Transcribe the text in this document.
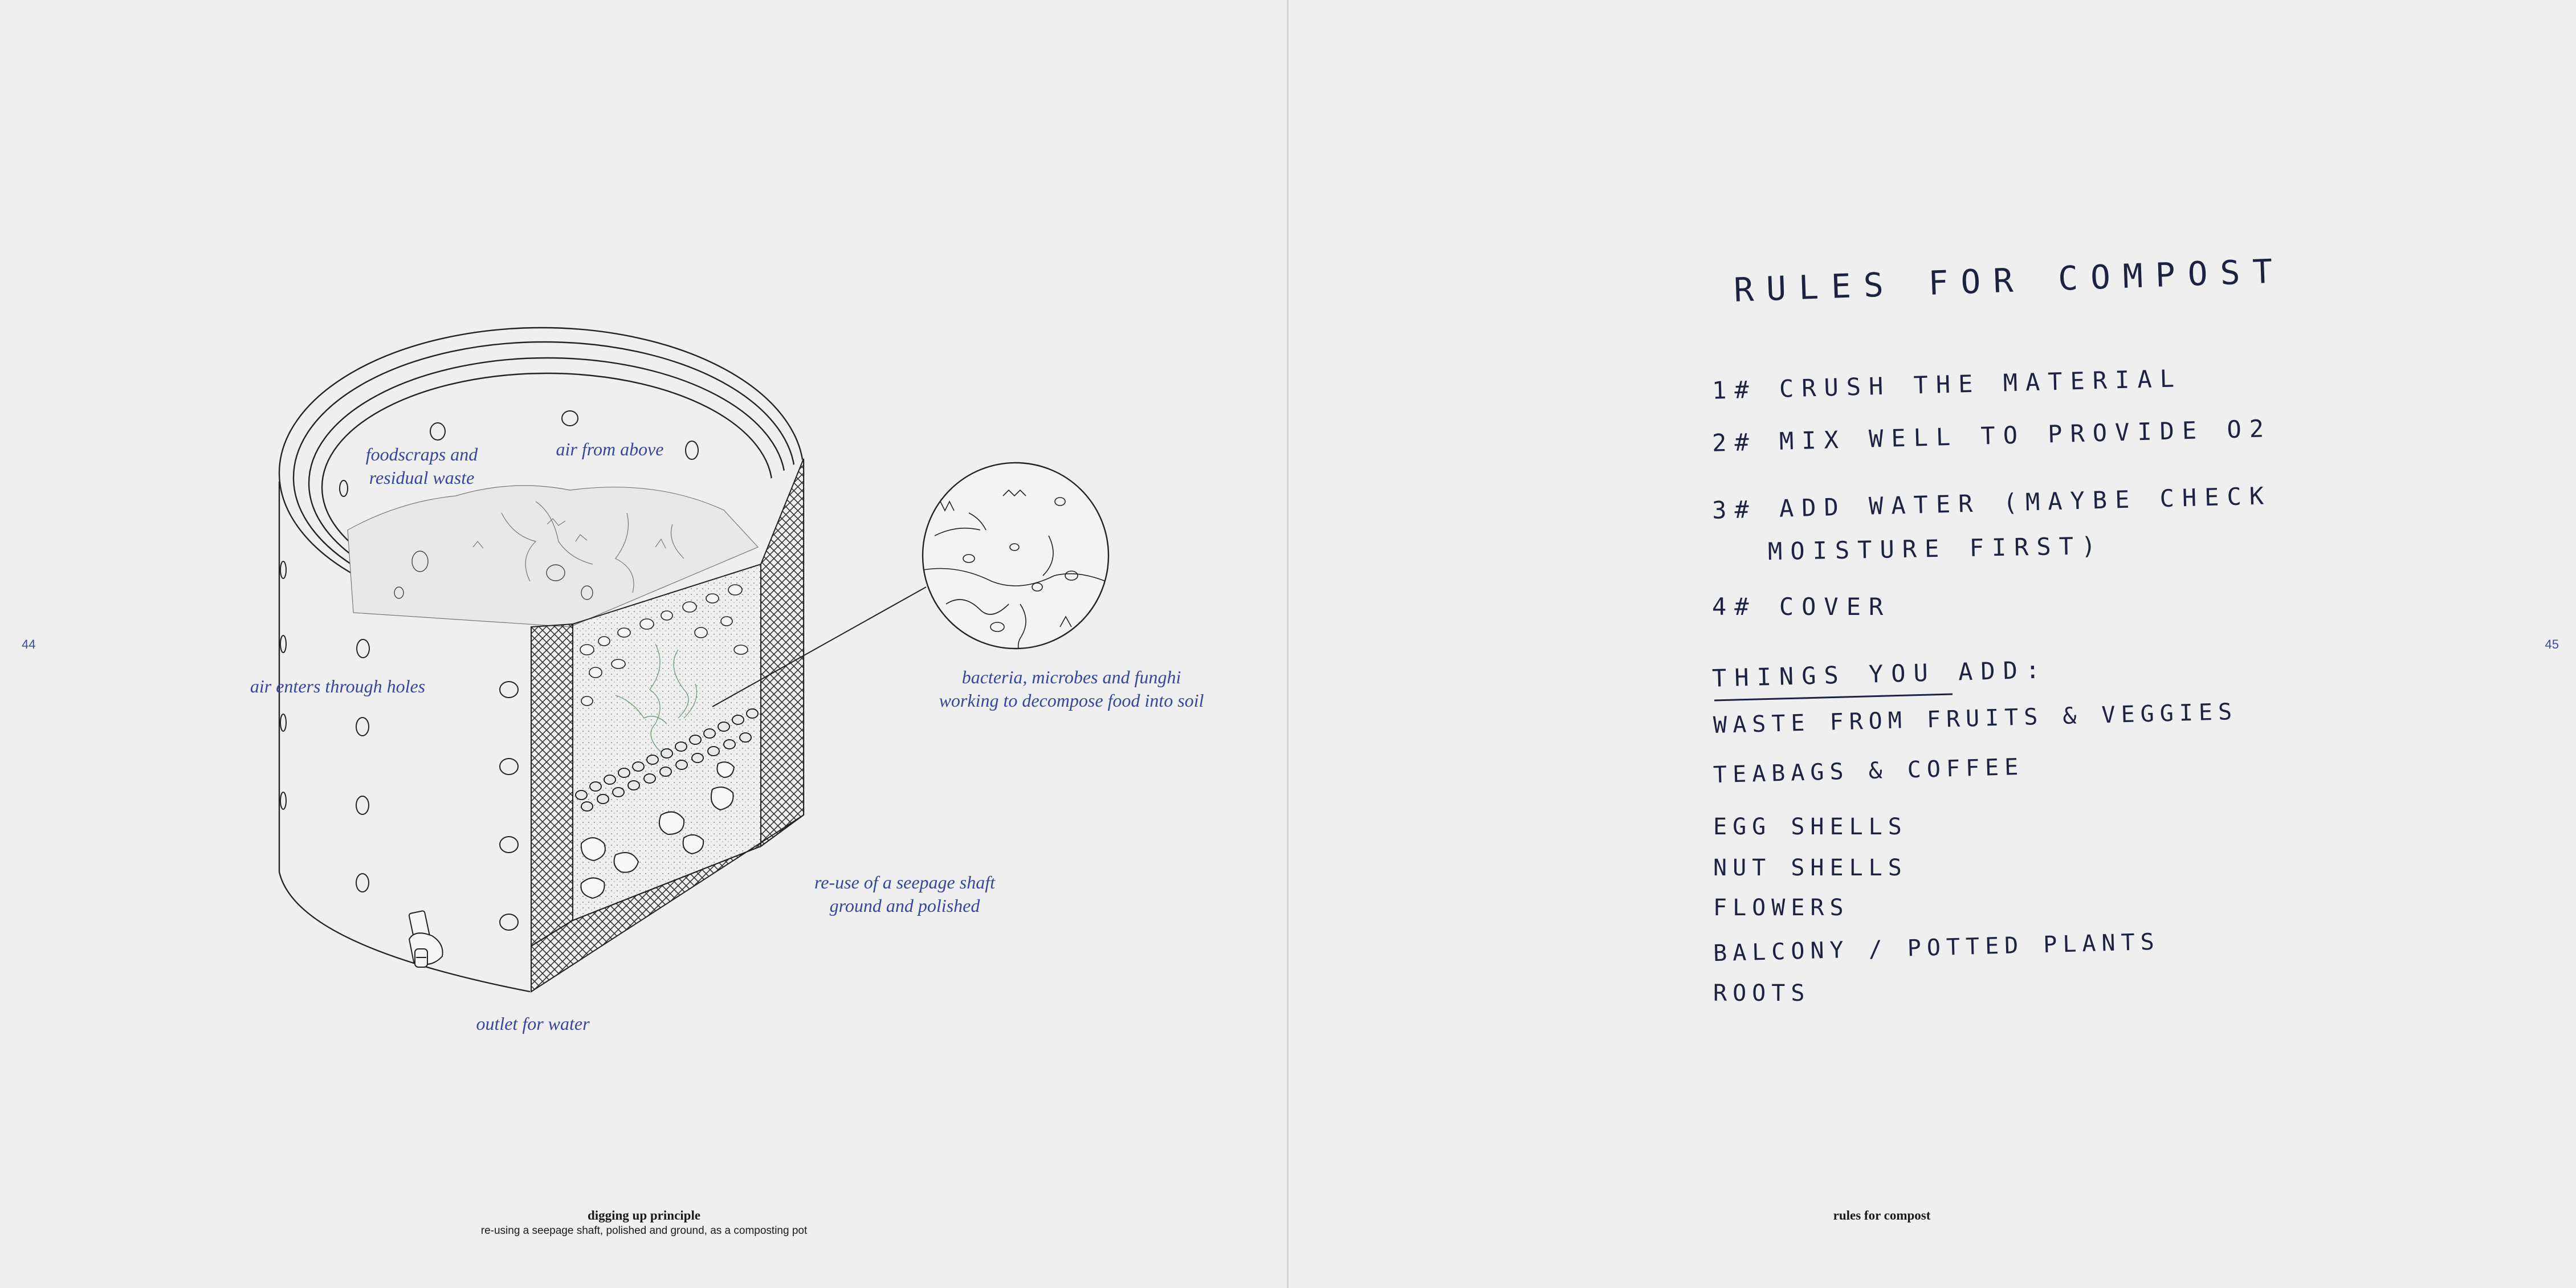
foodscraps and
residual waste
air from above
air enters through holes	bacteria, microbes and funghi
working to decompose food into soil
re-use of a seepage shaft
ground and polished
outlet for water
digging up principle
re-using a seepage shaft, polished and ground, as a composting pot
44
RULES FOR COMPOST
1# CRUSH THE MATERIAL
2# MIX WELL TO PROVIDE O2
3# ADD WATER (MAYBE CHECK
MOISTURE FIRST)
4# COVER
THINGS YOU ADD:
WASTE FROM FRUITS & VEGGIES
TEABAGS & COFFEE
EGG SHELLS
NUT SHELLS
FLOWERS
BALCONY / POTTED PLANTS
ROOTS
rules for compost
45
